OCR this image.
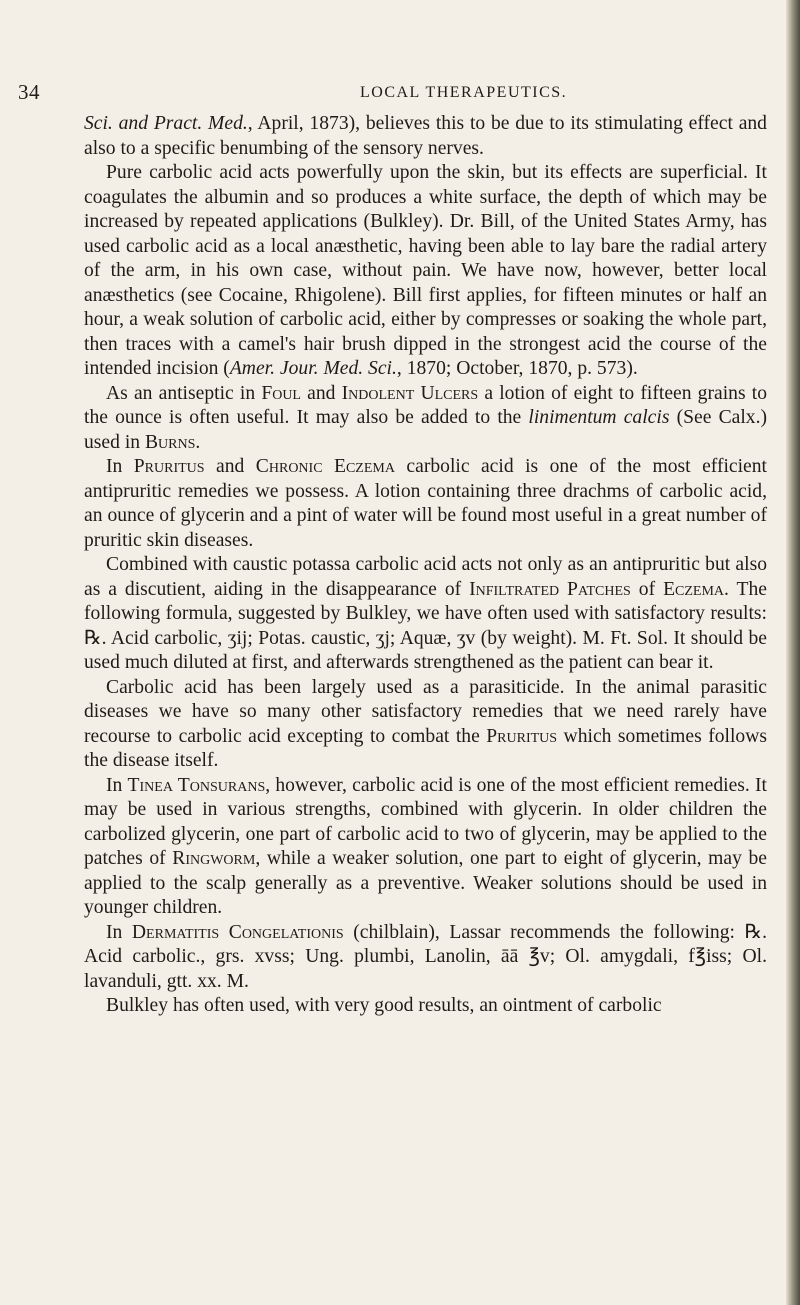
34	LOCAL THERAPEUTICS.

Sci. and Pract. Med., April, 1873), believes this to be due to its stimulating effect and also to a specific benumbing of the sensory nerves.

Pure carbolic acid acts powerfully upon the skin, but its effects are superficial. It coagulates the albumin and so produces a white surface, the depth of which may be increased by repeated applications (Bulkley). Dr. Bill, of the United States Army, has used carbolic acid as a local anæsthetic, having been able to lay bare the radial artery of the arm, in his own case, without pain. We have now, however, better local anæsthetics (see Cocaine, Rhigolene). Bill first applies, for fifteen minutes or half an hour, a weak solution of carbolic acid, either by compresses or soaking the whole part, then traces with a camel's hair brush dipped in the strongest acid the course of the intended incision (Amer. Jour. Med. Sci., 1870; October, 1870, p. 573).

As an antiseptic in Foul and Indolent Ulcers a lotion of eight to fifteen grains to the ounce is often useful. It may also be added to the linimentum calcis (See Calx.) used in Burns.

In Pruritus and Chronic Eczema carbolic acid is one of the most efficient antipruritic remedies we possess. A lotion containing three drachms of carbolic acid, an ounce of glycerin and a pint of water will be found most useful in a great number of pruritic skin diseases.

Combined with caustic potassa carbolic acid acts not only as an antipruritic but also as a discutient, aiding in the disappearance of Infiltrated Patches of Eczema. The following formula, suggested by Bulkley, we have often used with satisfactory results: ℞. Acid carbolic, ʒij; Potas. caustic, ʒj; Aquæ, ʒv (by weight). M. Ft. Sol. It should be used much diluted at first, and afterwards strengthened as the patient can bear it.

Carbolic acid has been largely used as a parasiticide. In the animal parasitic diseases we have so many other satisfactory remedies that we need rarely have recourse to carbolic acid excepting to combat the Pruritus which sometimes follows the disease itself.

In Tinea Tonsurans, however, carbolic acid is one of the most efficient remedies. It may be used in various strengths, combined with glycerin. In older children the carbolized glycerin, one part of carbolic acid to two of glycerin, may be applied to the patches of Ringworm, while a weaker solution, one part to eight of glycerin, may be applied to the scalp generally as a preventive. Weaker solutions should be used in younger children.

In Dermatitis Congelationis (chilblain), Lassar recommends the following: ℞. Acid carbolic., grs. xvss; Ung. plumbi, Lanolin, āā ℥v; Ol. amygdali, f℥iss; Ol. lavanduli, gtt. xx. M.

Bulkley has often used, with very good results, an ointment of carbolic
